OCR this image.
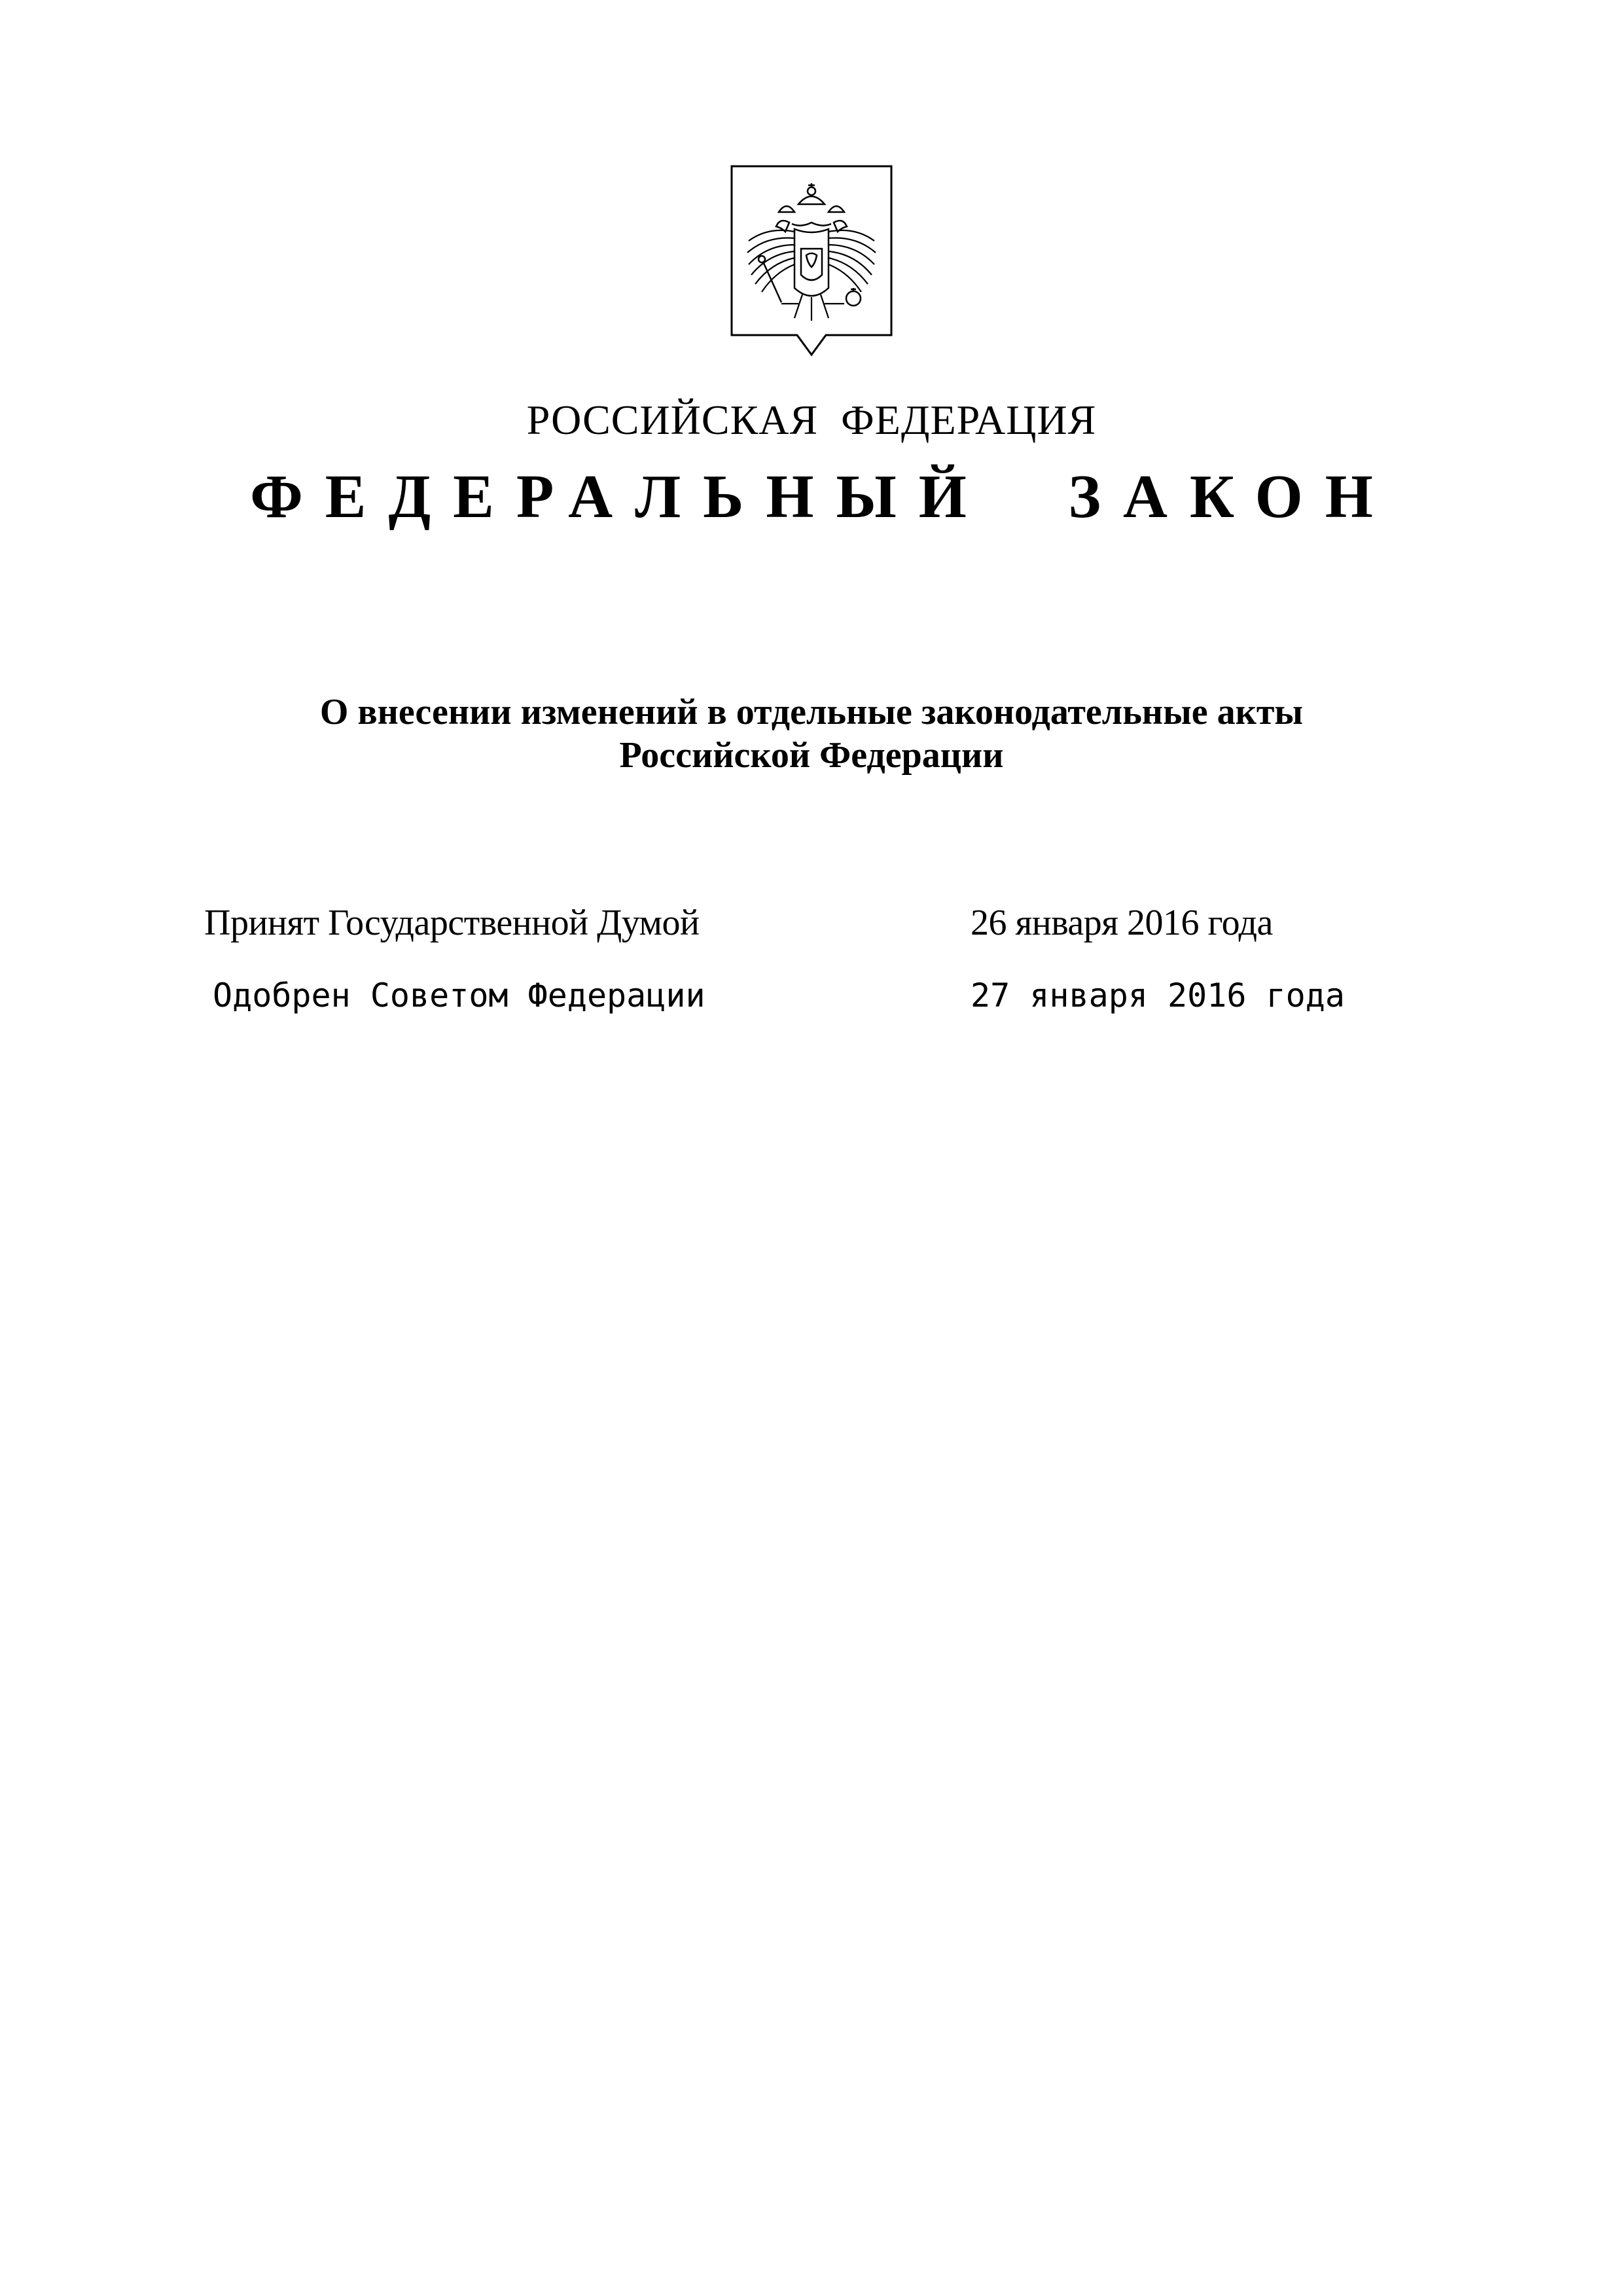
РОССИЙСКАЯ ФЕДЕРАЦИЯ
ФЕДЕРАЛЬНЫЙ ЗАКОН
О внесении изменений в отдельные законодательные акты
Российской Федерации
Принят Государственной Думой	26 января 2016 года
Одобрен Советом Федерации	27 января 2016 года
